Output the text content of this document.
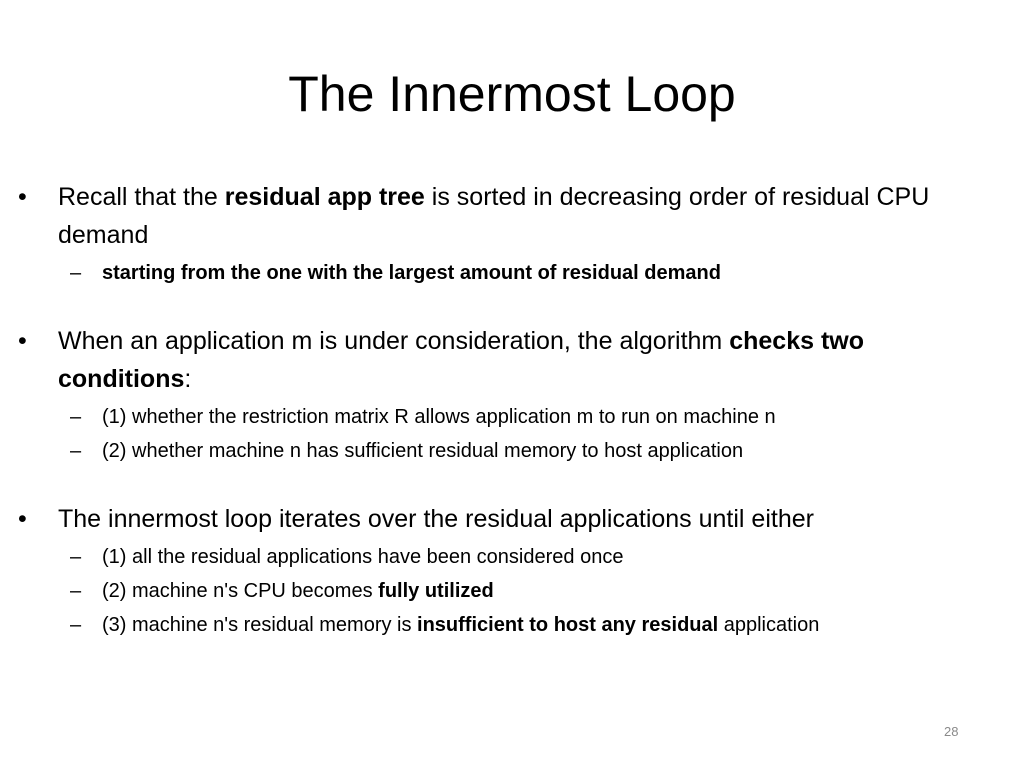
The Innermost Loop
•	Recall that the residual app tree is sorted in decreasing order of residual CPU demand
– starting from the one with the largest amount of residual demand
•	When an application m is under consideration, the algorithm checks two conditions:
– (1) whether the restriction matrix R allows application m to run on machine n
– (2) whether machine n has sufficient residual memory to host application
•	The innermost loop iterates over the residual applications until either
– (1) all the residual applications have been considered once
– (2) machine n's CPU becomes fully utilized
– (3) machine n's residual memory is insufficient to host any residual application
28
